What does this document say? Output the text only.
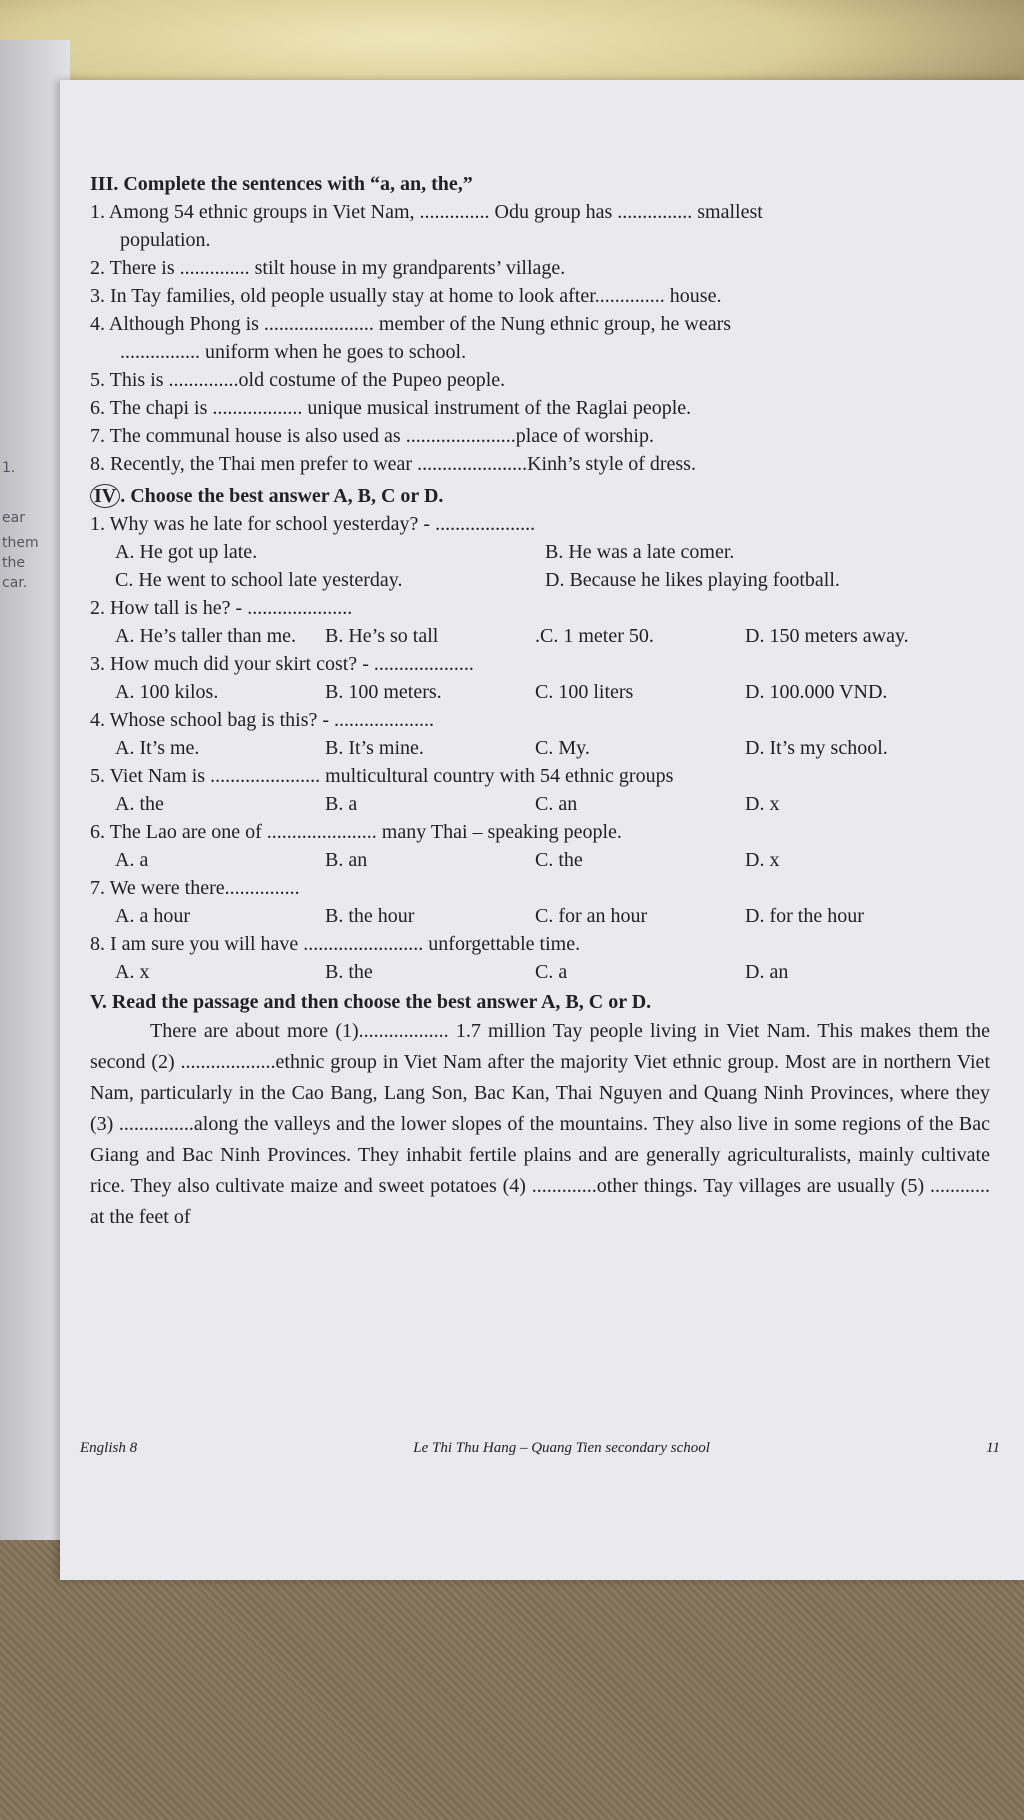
1.
ear
them
the
car.

III. Complete the sentences with “a, an, the,”

1. Among 54 ethnic groups in Viet Nam, .............. Odu group has ............... smallest

population.

2. There is .............. stilt house in my grandparents’ village.

3. In Tay families, old people usually stay at home to look after.............. house.

4. Although Phong is ...................... member of the Nung ethnic group, he wears

................ uniform when he goes to school.

5. This is ..............old costume of the Pupeo people.

6. The chapi is .................. unique musical instrument of the Raglai people.

7. The communal house is also used as ......................place of worship.

8. Recently, the Thai men prefer to wear ......................Kinh’s style of dress.

IV . Choose the best answer A, B, C or D.

1. Why was he late for school yesterday? - ....................

A. He got up late.	B. He was a late comer.
C. He went to school late yesterday.	D. Because he likes playing football.

2. How tall is he? - .....................

A. He’s taller than me.	B. He’s so tall	.C. 1 meter 50.	D. 150 meters away.

3. How much did your skirt cost? - ....................

A. 100 kilos.	B. 100 meters.	C. 100 liters	D. 100.000 VND.

4. Whose school bag is this? - ....................

A. It’s me.	B. It’s mine.	C. My.	D. It’s my school.

5. Viet Nam is ...................... multicultural country with 54 ethnic groups

A. the	B. a	C. an	D. x

6. The Lao are one of ...................... many Thai – speaking people.

A. a	B. an	C. the	D. x

7. We were there...............

A. a hour	B. the hour	C. for an hour	D. for the hour

8. I am sure you will have ........................ unforgettable time.

A. x	B. the	C. a	D. an

V. Read the passage and then choose the best answer A, B, C or D.

There are about more (1).................. 1.7 million Tay people living in Viet Nam. This makes them the second (2) ...................ethnic group in Viet Nam after the majority Viet ethnic group. Most are in northern Viet Nam, particularly in the Cao Bang, Lang Son, Bac Kan, Thai Nguyen and Quang Ninh Provinces, where they (3) ...............along the valleys and the lower slopes of the mountains. They also live in some regions of the Bac Giang and Bac Ninh Provinces. They inhabit fertile plains and are generally agriculturalists, mainly cultivate rice. They also cultivate maize and sweet potatoes (4) .............other things. Tay villages are usually (5) ............ at the feet of

English 8	Le Thi Thu Hang – Quang Tien secondary school	11
